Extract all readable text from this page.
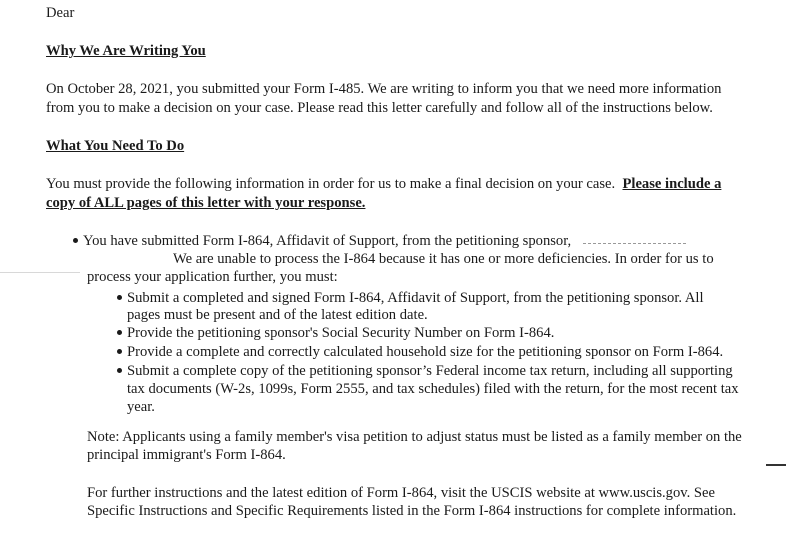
Dear
Why We Are Writing You
On October 28, 2021, you submitted your Form I-485. We are writing to inform you that we need more information
from you to make a decision on your case. Please read this letter carefully and follow all of the instructions below.
What You Need To Do
You must provide the following information in order for us to make a final decision on your case. Please include a
copy of ALL pages of this letter with your response.
You have submitted Form I-864, Affidavit of Support, from the petitioning sponsor,
We are unable to process the I-864 because it has one or more deficiencies. In order for us to
process your application further, you must:
Submit a completed and signed Form I-864, Affidavit of Support, from the petitioning sponsor. All
pages must be present and of the latest edition date.
Provide the petitioning sponsor's Social Security Number on Form I-864.
Provide a complete and correctly calculated household size for the petitioning sponsor on Form I-864.
Submit a complete copy of the petitioning sponsor’s Federal income tax return, including all supporting
tax documents (W-2s, 1099s, Form 2555, and tax schedules) filed with the return, for the most recent tax
year.
Note: Applicants using a family member's visa petition to adjust status must be listed as a family member on the
principal immigrant's Form I-864.
For further instructions and the latest edition of Form I-864, visit the USCIS website at www.uscis.gov. See
Specific Instructions and Specific Requirements listed in the Form I-864 instructions for complete information.
